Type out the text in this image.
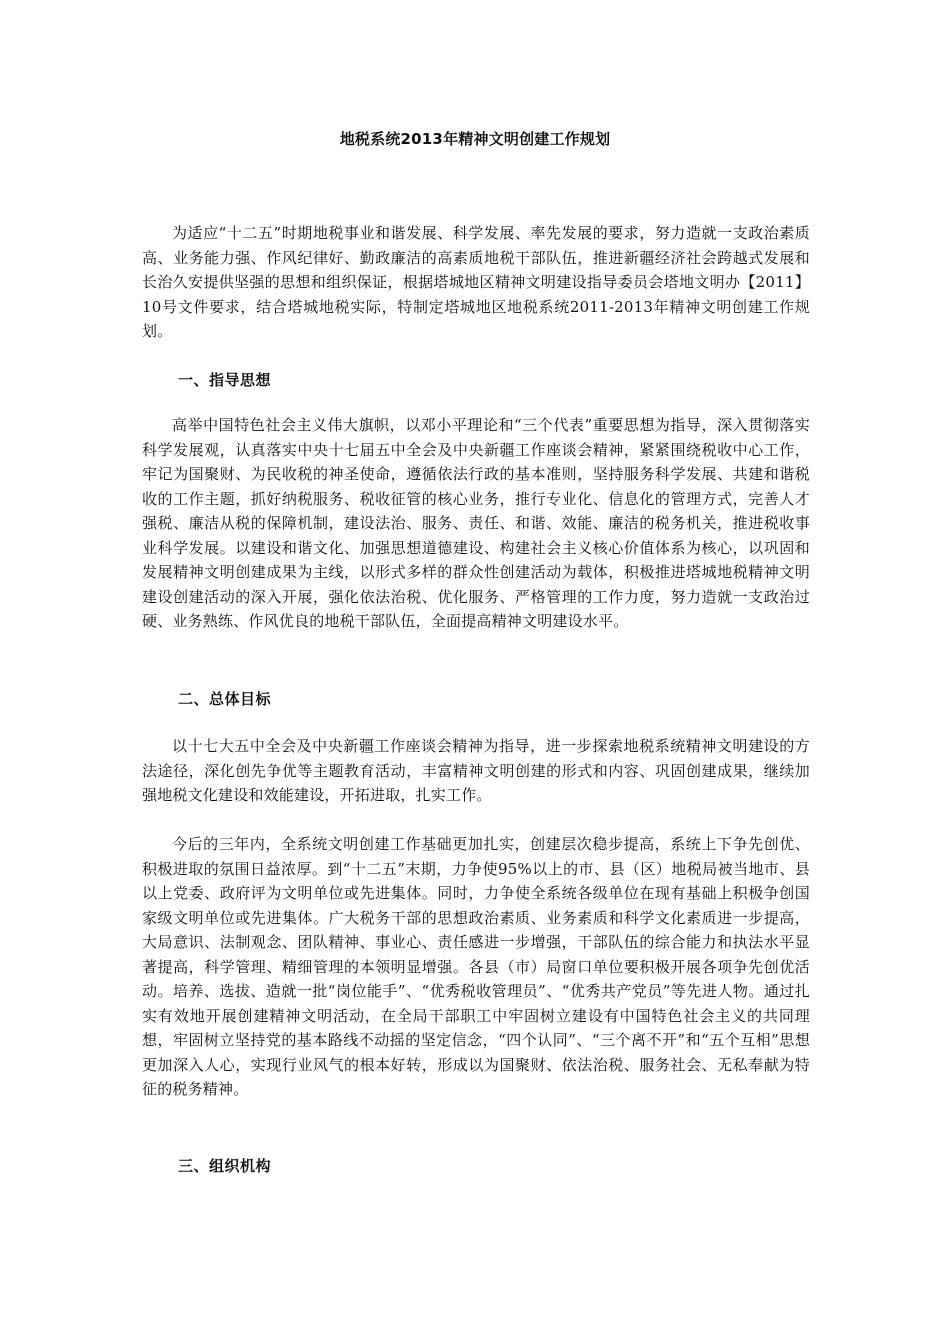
地税系统2013年精神文明创建工作规划

为适应“十二五”时期地税事业和谐发展、科学发展、率先发展的要求，努力造就一支政治素质高、业务能力强、作风纪律好、勤政廉洁的高素质地税干部队伍，推进新疆经济社会跨越式发展和长治久安提供坚强的思想和组织保证，根据塔城地区精神文明建设指导委员会塔地文明办【2011】10号文件要求，结合塔城地税实际，特制定塔城地区地税系统2011-2013年精神文明创建工作规划。

一、指导思想

高举中国特色社会主义伟大旗帜，以邓小平理论和“三个代表”重要思想为指导，深入贯彻落实科学发展观，认真落实中央十七届五中全会及中央新疆工作座谈会精神，紧紧围绕税收中心工作，牢记为国聚财、为民收税的神圣使命，遵循依法行政的基本准则，坚持服务科学发展、共建和谐税收的工作主题，抓好纳税服务、税收征管的核心业务，推行专业化、信息化的管理方式，完善人才强税、廉洁从税的保障机制，建设法治、服务、责任、和谐、效能、廉洁的税务机关，推进税收事业科学发展。以建设和谐文化、加强思想道德建设、构建社会主义核心价值体系为核心，以巩固和发展精神文明创建成果为主线，以形式多样的群众性创建活动为载体，积极推进塔城地税精神文明建设创建活动的深入开展，强化依法治税、优化服务、严格管理的工作力度，努力造就一支政治过硬、业务熟练、作风优良的地税干部队伍，全面提高精神文明建设水平。

二、总体目标

以十七大五中全会及中央新疆工作座谈会精神为指导，进一步探索地税系统精神文明建设的方法途径，深化创先争优等主题教育活动，丰富精神文明创建的形式和内容、巩固创建成果，继续加强地税文化建设和效能建设，开拓进取，扎实工作。

今后的三年内，全系统文明创建工作基础更加扎实，创建层次稳步提高，系统上下争先创优、积极进取的氛围日益浓厚。到“十二五”末期，力争使95%以上的市、县（区）地税局被当地市、县以上党委、政府评为文明单位或先进集体。同时，力争使全系统各级单位在现有基础上积极争创国家级文明单位或先进集体。广大税务干部的思想政治素质、业务素质和科学文化素质进一步提高，大局意识、法制观念、团队精神、事业心、责任感进一步增强，干部队伍的综合能力和执法水平显著提高，科学管理、精细管理的本领明显增强。各县（市）局窗口单位要积极开展各项争先创优活动。培养、选拔、造就一批“岗位能手”、“优秀税收管理员”、“优秀共产党员”等先进人物。通过扎实有效地开展创建精神文明活动，在全局干部职工中牢固树立建设有中国特色社会主义的共同理想，牢固树立坚持党的基本路线不动摇的坚定信念，“四个认同”、“三个离不开”和“五个互相”思想更加深入人心，实现行业风气的根本好转，形成以为国聚财、依法治税、服务社会、无私奉献为特征的税务精神。

三、组织机构
